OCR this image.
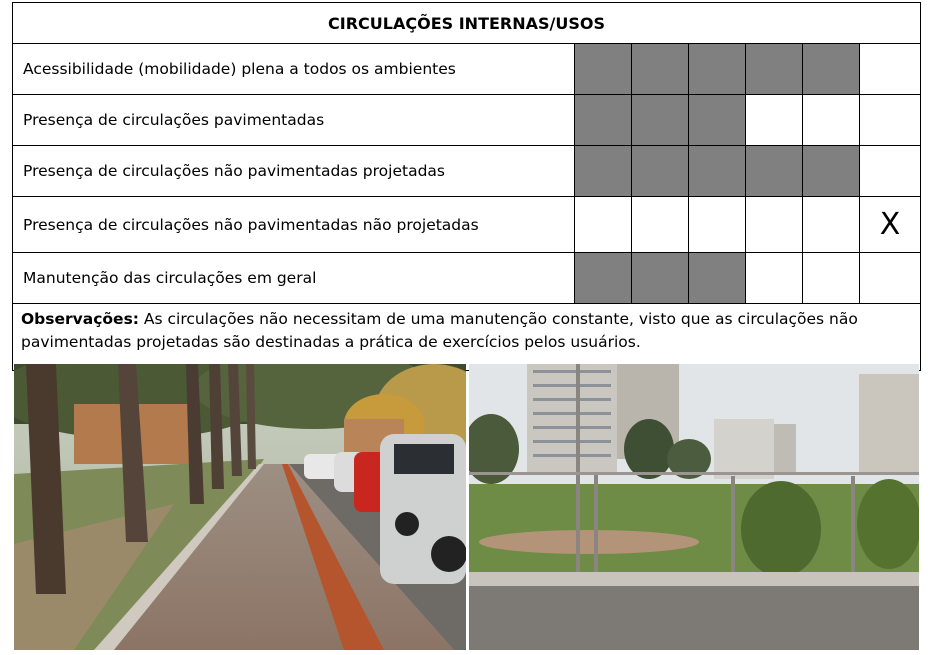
CIRCULAÇÕES INTERNAS/USOS						
Acessibilidade (mobilidade) plena a todos os ambientes						
Presença de circulações pavimentadas						
Presença de circulações não pavimentadas projetadas						
Presença de circulações não pavimentadas não projetadas						X
Manutenção das circulações em geral						
Observações: As circulações não necessitam de uma manutenção constante, visto que as circulações não pavimentadas projetadas são destinadas a prática de exercícios pelos usuários.						
